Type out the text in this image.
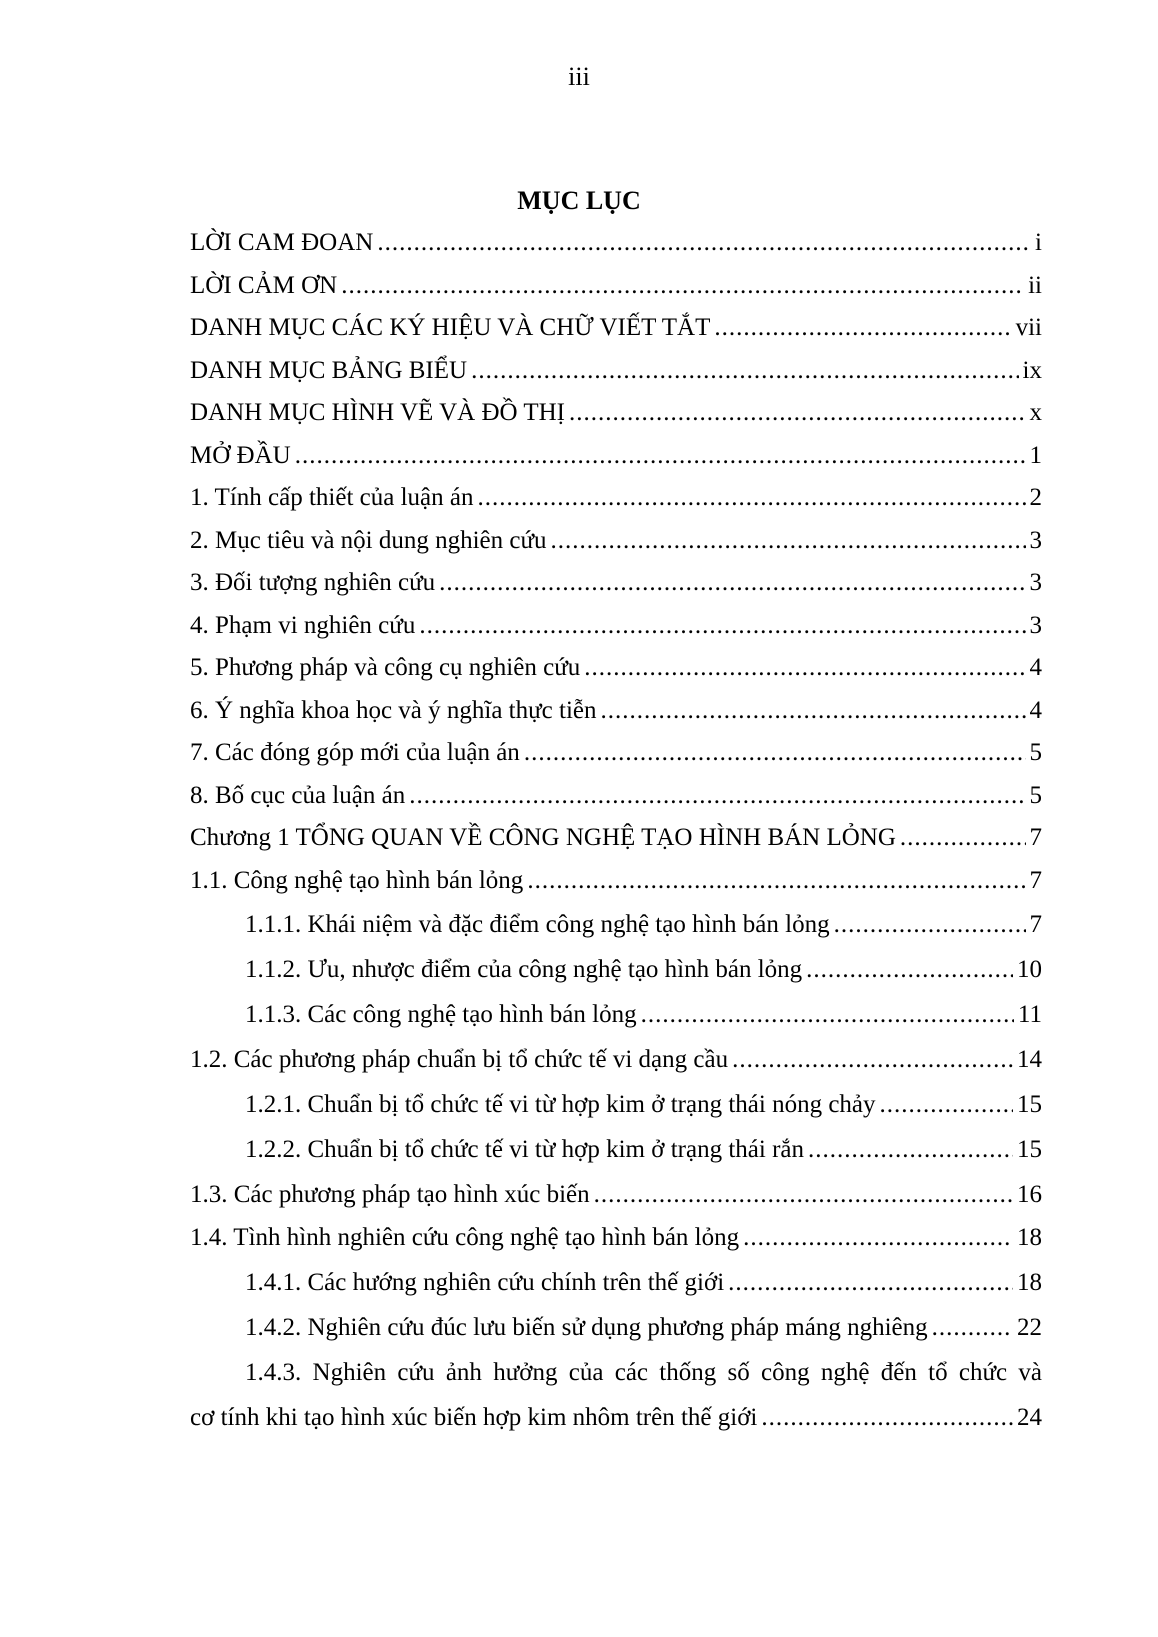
iii
MỤC LỤC
LỜI CAM ĐOAN .....	i
LỜI CẢM ƠN .....	ii
DANH MỤC CÁC KÝ HIỆU VÀ CHỮ VIẾT TẮT .....	vii
DANH MỤC BẢNG BIỂU .....	ix
DANH MỤC HÌNH VẼ VÀ ĐỒ THỊ .....	x
MỞ ĐẦU .....	1
1. Tính cấp thiết của luận án .....	2
2. Mục tiêu và nội dung nghiên cứu .....	3
3. Đối tượng nghiên cứu .....	3
4. Phạm vi nghiên cứu .....	3
5. Phương pháp và công cụ nghiên cứu .....	4
6. Ý nghĩa khoa học và ý nghĩa thực tiễn .....	4
7. Các đóng góp mới của luận án .....	5
8. Bố cục của luận án .....	5
Chương 1 TỔNG QUAN VỀ CÔNG NGHỆ TẠO HÌNH BÁN LỎNG .....	7
1.1. Công nghệ tạo hình bán lỏng .....	7
1.1.1. Khái niệm và đặc điểm công nghệ tạo hình bán lỏng .....	7
1.1.2. Ưu, nhược điểm của công nghệ tạo hình bán lỏng .....	10
1.1.3. Các công nghệ tạo hình bán lỏng .....	11
1.2. Các phương pháp chuẩn bị tổ chức tế vi dạng cầu .....	14
1.2.1. Chuẩn bị tổ chức tế vi từ hợp kim ở trạng thái nóng chảy .....	15
1.2.2. Chuẩn bị tổ chức tế vi từ hợp kim ở trạng thái rắn .....	15
1.3. Các phương pháp tạo hình xúc biến .....	16
1.4. Tình hình nghiên cứu công nghệ tạo hình bán lỏng .....	18
1.4.1. Các hướng nghiên cứu chính trên thế giới .....	18
1.4.2. Nghiên cứu đúc lưu biến sử dụng phương pháp máng nghiêng .....	22
1.4.3. Nghiên cứu ảnh hưởng của các thống số công nghệ đến tổ chức và
cơ tính khi tạo hình xúc biến hợp kim nhôm trên thế giới .....	24
